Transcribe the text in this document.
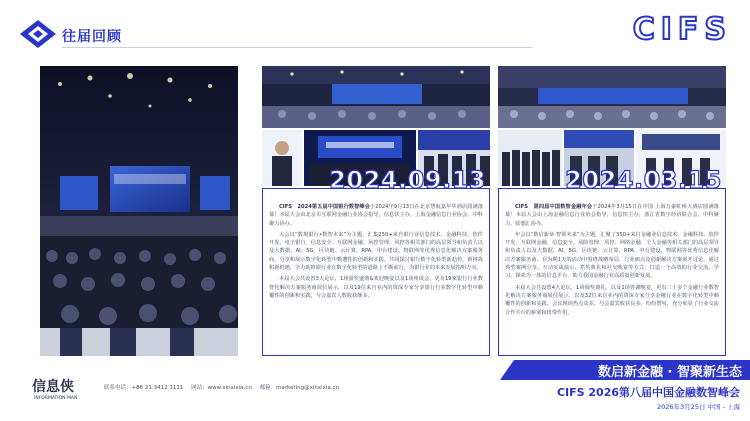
往届回顾	CIFS

CIFS　2024第五届中国银行数智峰会于2024年9月13日在北京慧航嘉年华酒店圆满落幕！本届大会由北京市互联网金融行业协会指导，信息快主办，上海金融信息行业协会、中科聚力协办。

大会以“数境银行•数智未来”为主题，汇集250+来自银行业信息技术、金融科技、软件开发、电子银行、信息安全、互联网金融、风控管理、风控等相关部门的高层领导和负责人以及大数据、AI、5G、区块链、云计算、RPA、中台建设、物联网等优秀信息化解决方案服务商，分享和展示数字化转型中颇遭性的创新和实践，共同探讨银行数字化转型新趋势、新挑战和新机遇，全力助推银行业在数字化转型的道路上不断前行，为银行业的未来发展指明方向。

本届大会共设置3大论坛，1场颁奖盛典&欢迎晚宴以及1场座谈会，更有19家银行行业数智化解决方案服务商展位展示，以及19位来自业内的资深专家分享银行行业数字化转型中颇覆性的创新和实践，与会嘉宾人数收获颇多。

2024.09.13

CIFS　第四届中国数智金融年会于2024年3月15日在中国·上海万豪虹桥大酒店圆满落幕！本届大会由上海金融信息行业协会指导，信息快主办，浙江省数字经济联合会、中科聚力、陆想汇协办。

年会以“数启新章·智领未来”为主题，汇聚了350+来自金融业信息技术、金融科技、软件开发、互联网金融、信息安全、风险管理、风控、网络金融、个人金融等相关部门的高层领导和负责人以及大数据、AI、5G、区块链、云计算、RPA、中台建设、物联网等优秀信息化解决方案服务商。在为期1天的活动中围绕战略布局、行业痛点及创新解决方案展开讨论，通过典型案例分享、互动实战演示、搭奖典礼和社交晚宴等方式，打造一个高效的行业交流、学习、探索为一体的信息平台，助力我国金融行业高质量创新发展。

本届大会共设置4大论坛，1场颁奖典礼，以及1场答谢晚宴，更有二十多个金融行业数智化解决方案服务商展位展示，以及32位来自业内的资深专家分享金融行业在数字化转型中颇覆性的创新和实践，会议现场热点众多，与会嘉宾收获良多，纷纷赞叹，充分彰显了行业交流合作平台的桥梁和纽带作用。

2024.03.15
数启新金融 · 智聚新生态
CIFS 2026第八届中国金融数智峰会
2026年3月25日 中国 - 上海
信息侠
INFORMATION MAN
联系电话：+86 21 3412 1111 网站：www.xinxixia.cn 邮箱：marketing@xinxixia.cn
